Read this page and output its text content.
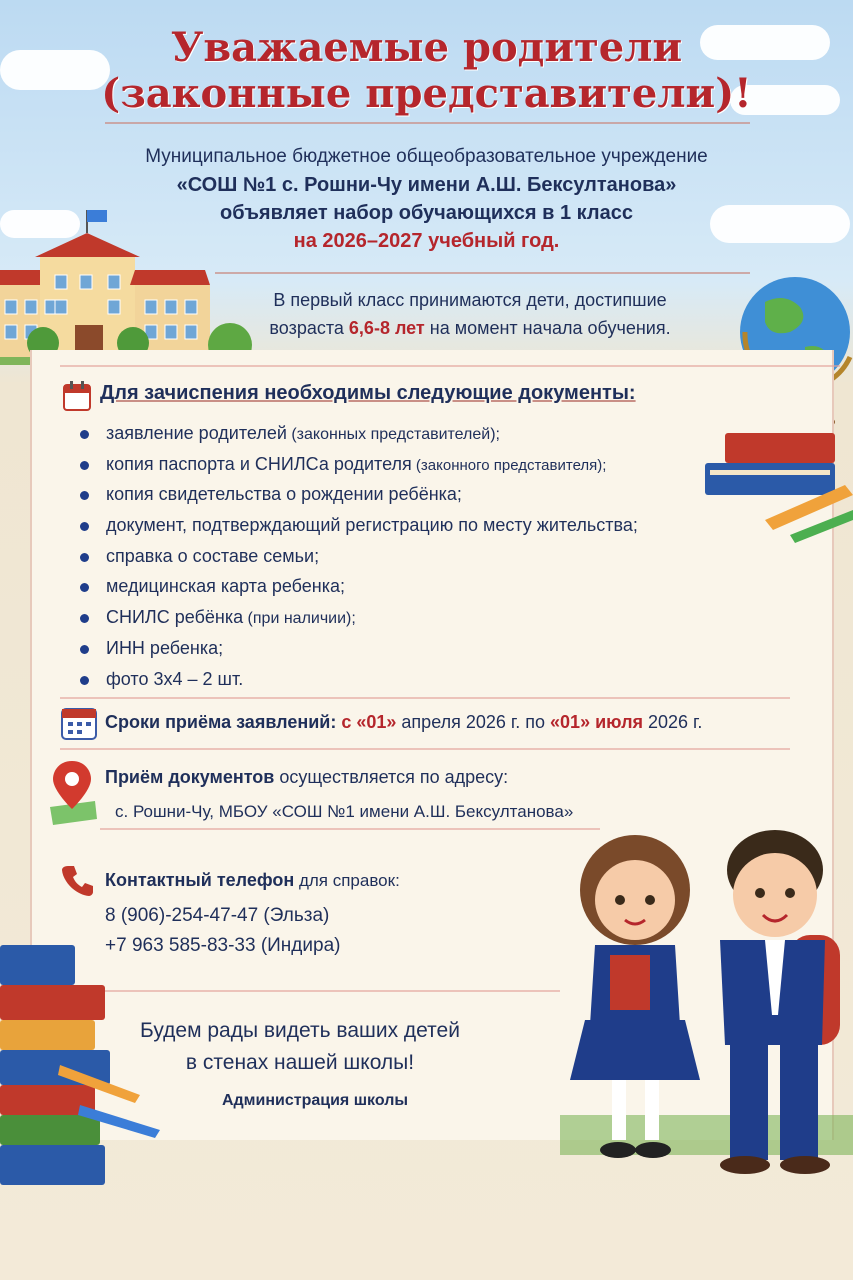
Уважаемые родители
(законные представители)!
Муниципальное бюджетное общеобразовательное учреждение
«СОШ №1 с. Рошни-Чу имени А.Ш. Бексултанова»
объявляет набор обучающихся в 1 класс
на 2026–2027 учебный год.
В первый класс принимаются дети, достипшие
возраста 6,6-8 лет на момент нaчала обучения.
Для зачиспения необходимы следующие документы:
заявление родителей (законных представителей);
копия паспорта и СНИЛСа родителя (законного представителя);
копия свидетельства о рождении ребёнка;
документ, подтверждающий регистрацию по месту жительства;
справка о составе семьи;
медицинская карта ребенка;
СНИЛС ребёнка (при наличии);
ИНН ребенка;
фото 3x4 – 2 шт.
Сроки приёма заявлений: с «01» апреля 2026 г. по «01» июля 2026 г.
Приём документов осуществляется по адресу:
с. Рошни-Чу, МБОУ «СОШ №1 имени А.Ш. Бексултанова»
Контактный телефон для справок:
8 (906)-254-47-47 (Эльза)
+7 963 585-83-33 (Индира)
Будем рады видеть ваших детей
в стенах нашей школы!
Администрация школы
